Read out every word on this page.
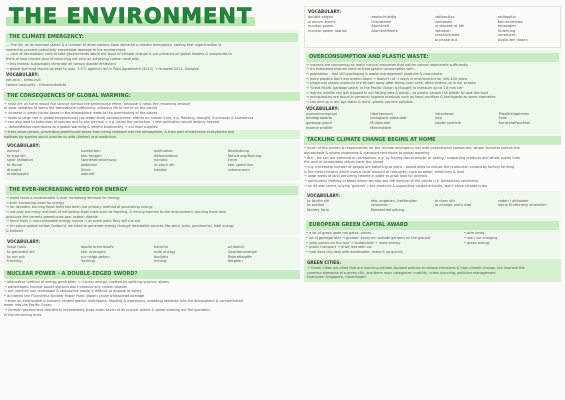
THE ENVIRONMENT
THE CLIMATE EMERGENCY:
— The UK, as its member states & a number of other nations have declared a climate emergency, stating that urgent action is
needed to prevent potentially irreversible damage to the environment
— Lack of declaration: calls to take governments about the issue of climate change & put pressure on global leaders & companies to
think of how climate goal of becoming net zero on achieving carbon neutrality
→ this means: sustainably eliminate all carbon dioxide emissions
→ global warming should be kept to max. 1.5°C against rise in Paris Agreement (2015) → renewed 2021, Glasgow
VOCABULARY:
net zero – klima-null
carbon neutrality – klimaneutralität
THE CONSEQUENCES OF GLOBAL WARMING:
→ most life on Earth would not survive without the greenhouse effect, because it helps the remaining amount
of solar radiation to warm the atmosphere sufficiently, allowing life to thrive on the planet
→ increase in green house gases in the atmosphere leads to the overheating of the planet
→ leads to large rise in global temperatures (air-water-land) consequences: effects on human lives, e.g. flooding, drought, hurricanes & heatwaves
→ can also lead to extinction of species due to our survival → e.g. lethal fire extinction → less pollination would destroy harvest
— deforestation contributes to a global warming & helpful biodiversity → our food supplies
→ trees store carbon, preventing greenhouse gases from being released into the atmosphere, & then part of extensive ecosystems and
habitats for species which provide us with (timber) and medicines
VOCABULARY:
extinct
to trap sth
solar radiation
to thrive
drought
endangered
aussterben
etw. fangen
Sonneneinstrahlung
gedeihen
Dürre
bedroht
pollination
deforestation
harvest
to store sth
habitat
Bestäubung
Abholzung/Rodung
Ernte
etw. speichern
Lebensraum
THE EVER-INCREASING NEED FOR ENERGY
→ world faces a considerable & ever increasing demand for energy
→ ever increasing need for energy
→ for decades, burning fossil fuels has been our primary method of generating energy
→ not only are many methods of extracting fossil fuels such as fracking, & mining harmful to the environment, burning them also
produces the harmful greenhouse gas: carbon dioxide
→ fossil fuels = non-renewable energy source → at some point they will run out
→ to reduce global carbon footprint, we need to generate energy through renewable sources like wind, solar, geothermal, tidal energy
& biofuels
VOCABULARY:
fossil fuels
to generate sth
to run out
fracking
fossile brennstoffe
etw. erzeugen
zur neige gehen
fracking
harmful
tidal energy
biofuels
mining
schädlich
Gezeitenenergie
Biokraftstoffe
Bergbau
NUCLEAR POWER – A DOUBLE-EDGED SWORD?
• alternative method of energy generation = nuclear energy, created by splitting uranium atoms
→ advantages: nuclear power stations don't produce any carbon dioxide
→ but uranium non-renewable & radioactive waste is difficult to dispose of safely
• accidents like Fukushima Nuclear Power Plant (Japan) cause widespread damage
→ even an earthquake & tsunami caused reactor meltdowns, flooding & explosions, releasing radiation into the atmosphere & contaminated
water into the Pacific Ocean
→ German government decided to immediately close down seven of its nuclear plants & speed phasing out the operation
of the remaining ones
VOCABULARY:
double-edged
uranium atoms
nuclear power
nuclear power station
zweischneidig
Uranatome
Atomkraft
Atomkraftwerk
radioactive
meltdown
to dispose of sth
radiation
contaminated
to phase out
radioaktiv
Kernschmelze
entsorgen
Strahlung
verseucht
auslaufen lassen
OVERCONSUMPTION AND PLASTIC WASTE:
→ humans are consuming so many natural resources that nature cannot regenerate sufficiently
→ it's estimated that we need to treat plastic consumption with...
→ population – last 100 packaging & waste management products & new plastic
→ more plastics don't eat broken down → doesn't rot → stays in environment for 400-450 years
→ single-use plastic products are thrown away after being used once, often ending up in our oceans
→ 'Great Pacific garbage patch' in the Pacific Ocean is thought to measure up to 1.6 mio km²
→ marine wildlife can get trapped in old fishing nets & plastic, as plastic causes the plastic to look like food
→ microplastics are found in personal hygiene products such as hand sanitiser & toothpaste as some cosmetics
→ can end up in our tap water & drink: plastic particle pollution
VOCABULARY:
overconsumption
biodegradable
garbage patch
marine wildlife
Überkonsum
biologisch abbaubar
Müllstrudel
Meerestiere
microbead
trap
plastic particle
Plastikkügelchen
Falle
Kunststoffpartikel
TACKLING CLIMATE CHANGE BEGINS AT HOME
• much of the burden & responsibility for the climate emergency lies with international companies, whose factories pollute the
atmosphere & whose shipments & transport contribute to global warming
• But – we can put pressure on companies, e.g. by buying less products, or asking / supporting products and whole scales from
the land of sustainable values harm the planet
→ e.g. increasing number of people are switching to plant – based diets to reduce the production caused by factory farming
& the meat industry which uses a large amount of resources, such as water, medicines & land
→ large areas of land are being cleared in order to grow food for animals
→ particularly farming in areas where we also see the survival of the planet (i.e. Amazonian rainforest)
→ on its own terms, buying 'greener' / eco products & supporting causes activists, won't solve climate crisis
VOCABULARY:
to tackle sth
to outline
factory farm
etw. angehen, bekämpfen
skizzieren
Massentierhaltung
to clear sth
to change one's diet
roden / abholzen
seine Ernährung umstellen
EUROPEAN GREEN CAPITAL AWARD
• a lot of green open hot gates, plants...
• lot of garbage bins → greater: every bin outside gardens on the ground
• solar panels on the roof → sustainable → more energy
• public transport → drive less with car
• how does city deal with wastewater, make it up quickly
• bike lanes
• low / car charging
• green energy
GREEN CITIES:
→ Green Cities are cities that are reaching climate-focused policies to reduce emissions & high climate change, but improve the
common elements of a green city, and there main categories: mobility, urban planning, pollution management
Examples: Singapore, Copenhagen
